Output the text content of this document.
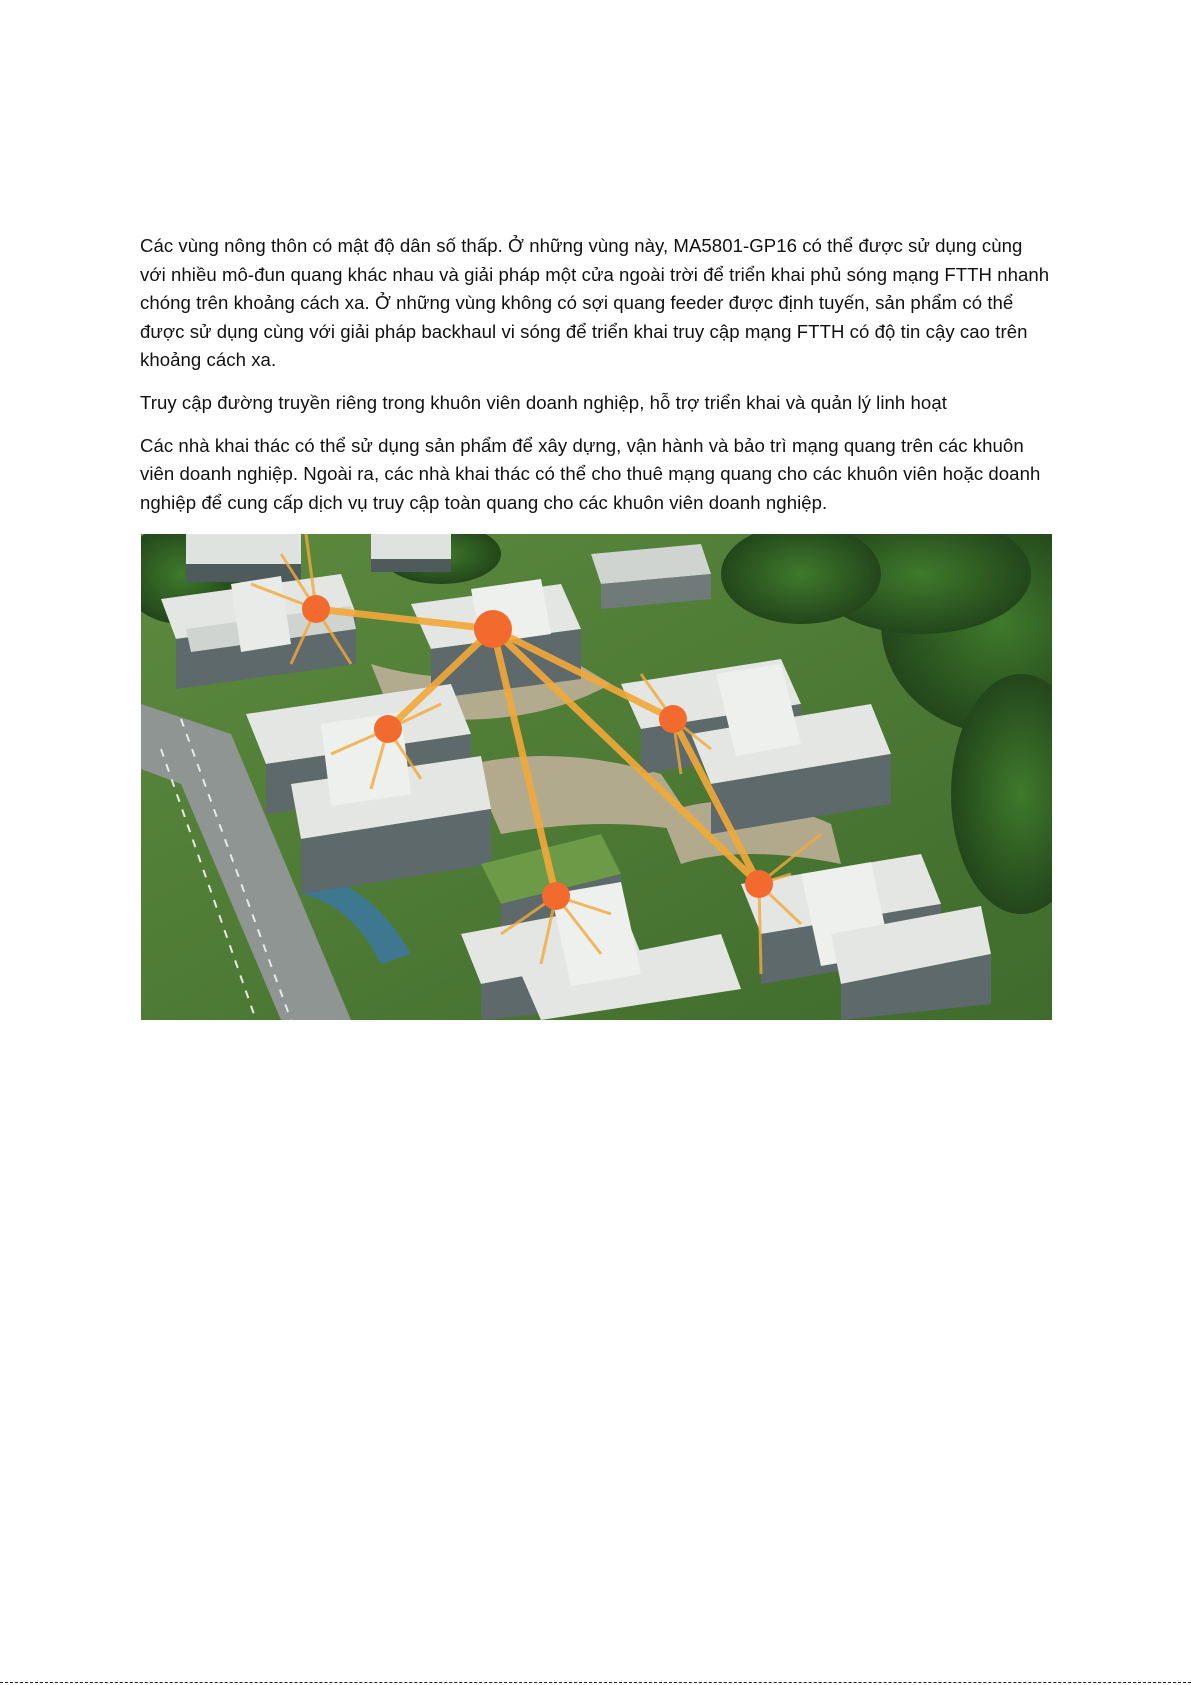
Các vùng nông thôn có mật độ dân số thấp. Ở những vùng này, MA5801-GP16 có thể được sử dụng cùng với nhiều mô-đun quang khác nhau và giải pháp một cửa ngoài trời để triển khai phủ sóng mạng FTTH nhanh chóng trên khoảng cách xa. Ở những vùng không có sợi quang feeder được định tuyến, sản phẩm có thể được sử dụng cùng với giải pháp backhaul vi sóng để triển khai truy cập mạng FTTH có độ tin cậy cao trên khoảng cách xa.

Truy cập đường truyền riêng trong khuôn viên doanh nghiệp, hỗ trợ triển khai và quản lý linh hoạt

Các nhà khai thác có thể sử dụng sản phẩm để xây dựng, vận hành và bảo trì mạng quang trên các khuôn viên doanh nghiệp. Ngoài ra, các nhà khai thác có thể cho thuê mạng quang cho các khuôn viên hoặc doanh nghiệp để cung cấp dịch vụ truy cập toàn quang cho các khuôn viên doanh nghiệp.
